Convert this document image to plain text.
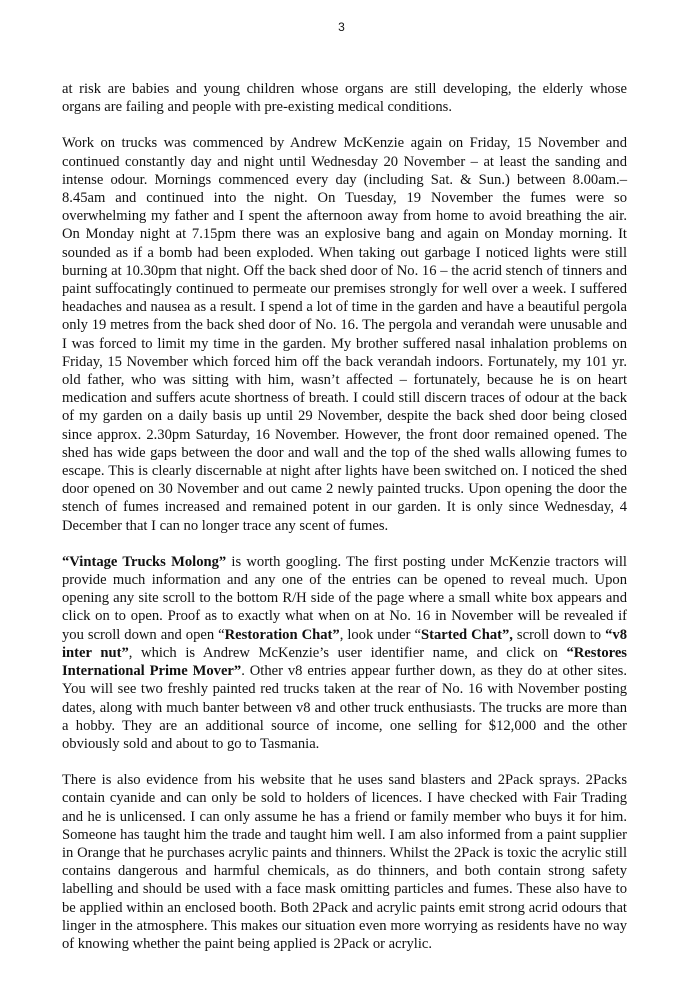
3

at risk are babies and young children whose organs are still developing, the elderly whose organs are failing and people with pre-existing medical conditions.

Work on trucks was commenced by Andrew McKenzie again on Friday, 15 November and continued constantly day and night until Wednesday 20 November – at least the sanding and intense odour. Mornings commenced every day (including Sat. & Sun.) between 8.00am.– 8.45am and continued into the night. On Tuesday, 19 November the fumes were so overwhelming my father and I spent the afternoon away from home to avoid breathing the air. On Monday night at 7.15pm there was an explosive bang and again on Monday morning. It sounded as if a bomb had been exploded. When taking out garbage I noticed lights were still burning at 10.30pm that night. Off the back shed door of No. 16 – the acrid stench of tinners and paint suffocatingly continued to permeate our premises strongly for well over a week. I suffered headaches and nausea as a result. I spend a lot of time in the garden and have a beautiful pergola only 19 metres from the back shed door of No. 16. The pergola and verandah were unusable and I was forced to limit my time in the garden. My brother suffered nasal inhalation problems on Friday, 15 November which forced him off the back verandah indoors. Fortunately, my 101 yr. old father, who was sitting with him, wasn’t affected – fortunately, because he is on heart medication and suffers acute shortness of breath. I could still discern traces of odour at the back of my garden on a daily basis up until 29 November, despite the back shed door being closed since approx. 2.30pm Saturday, 16 November. However, the front door remained opened. The shed has wide gaps between the door and wall and the top of the shed walls allowing fumes to escape. This is clearly discernable at night after lights have been switched on. I noticed the shed door opened on 30 November and out came 2 newly painted trucks. Upon opening the door the stench of fumes increased and remained potent in our garden. It is only since Wednesday, 4 December that I can no longer trace any scent of fumes.

“Vintage Trucks Molong” is worth googling. The first posting under McKenzie tractors will provide much information and any one of the entries can be opened to reveal much. Upon opening any site scroll to the bottom R/H side of the page where a small white box appears and click on to open. Proof as to exactly what when on at No. 16 in November will be revealed if you scroll down and open “Restoration Chat”, look under “Started Chat”, scroll down to “v8 inter nut”, which is Andrew McKenzie’s user identifier name, and click on “Restores International Prime Mover”. Other v8 entries appear further down, as they do at other sites. You will see two freshly painted red trucks taken at the rear of No. 16 with November posting dates, along with much banter between v8 and other truck enthusiasts. The trucks are more than a hobby. They are an additional source of income, one selling for $12,000 and the other obviously sold and about to go to Tasmania.

There is also evidence from his website that he uses sand blasters and 2Pack sprays. 2Packs contain cyanide and can only be sold to holders of licences. I have checked with Fair Trading and he is unlicensed. I can only assume he has a friend or family member who buys it for him. Someone has taught him the trade and taught him well. I am also informed from a paint supplier in Orange that he purchases acrylic paints and thinners. Whilst the 2Pack is toxic the acrylic still contains dangerous and harmful chemicals, as do thinners, and both contain strong safety labelling and should be used with a face mask omitting particles and fumes. These also have to be applied within an enclosed booth. Both 2Pack and acrylic paints emit strong acrid odours that linger in the atmosphere. This makes our situation even more worrying as residents have no way of knowing whether the paint being applied is 2Pack or acrylic.
